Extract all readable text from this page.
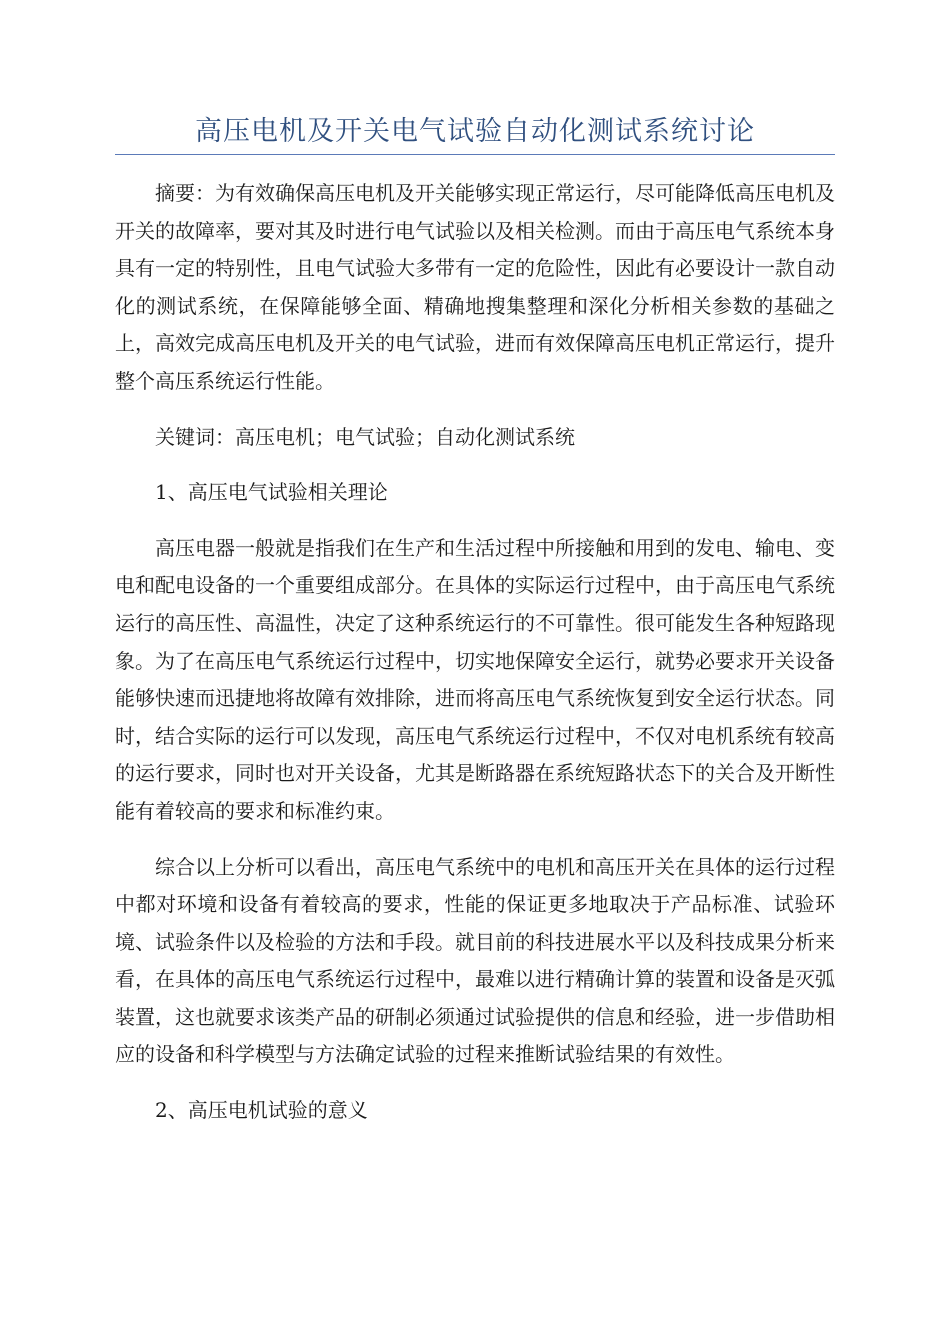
高压电机及开关电气试验自动化测试系统讨论

摘要：为有效确保高压电机及开关能够实现正常运行，尽可能降低高压电机及开关的故障率，要对其及时进行电气试验以及相关检测。而由于高压电气系统本身具有一定的特别性，且电气试验大多带有一定的危险性，因此有必要设计一款自动化的测试系统，在保障能够全面、精确地搜集整理和深化分析相关参数的基础之上，高效完成高压电机及开关的电气试验，进而有效保障高压电机正常运行，提升整个高压系统运行性能。

关键词：高压电机；电气试验；自动化测试系统

1、高压电气试验相关理论

高压电器一般就是指我们在生产和生活过程中所接触和用到的发电、输电、变电和配电设备的一个重要组成部分。在具体的实际运行过程中，由于高压电气系统运行的高压性、高温性，决定了这种系统运行的不可靠性。很可能发生各种短路现象。为了在高压电气系统运行过程中，切实地保障安全运行，就势必要求开关设备能够快速而迅捷地将故障有效排除，进而将高压电气系统恢复到安全运行状态。同时，结合实际的运行可以发现，高压电气系统运行过程中，不仅对电机系统有较高的运行要求，同时也对开关设备，尤其是断路器在系统短路状态下的关合及开断性能有着较高的要求和标准约束。

综合以上分析可以看出，高压电气系统中的电机和高压开关在具体的运行过程中都对环境和设备有着较高的要求，性能的保证更多地取决于产品标准、试验环境、试验条件以及检验的方法和手段。就目前的科技进展水平以及科技成果分析来看，在具体的高压电气系统运行过程中，最难以进行精确计算的装置和设备是灭弧装置，这也就要求该类产品的研制必须通过试验提供的信息和经验，进一步借助相应的设备和科学模型与方法确定试验的过程来推断试验结果的有效性。

2、高压电机试验的意义
